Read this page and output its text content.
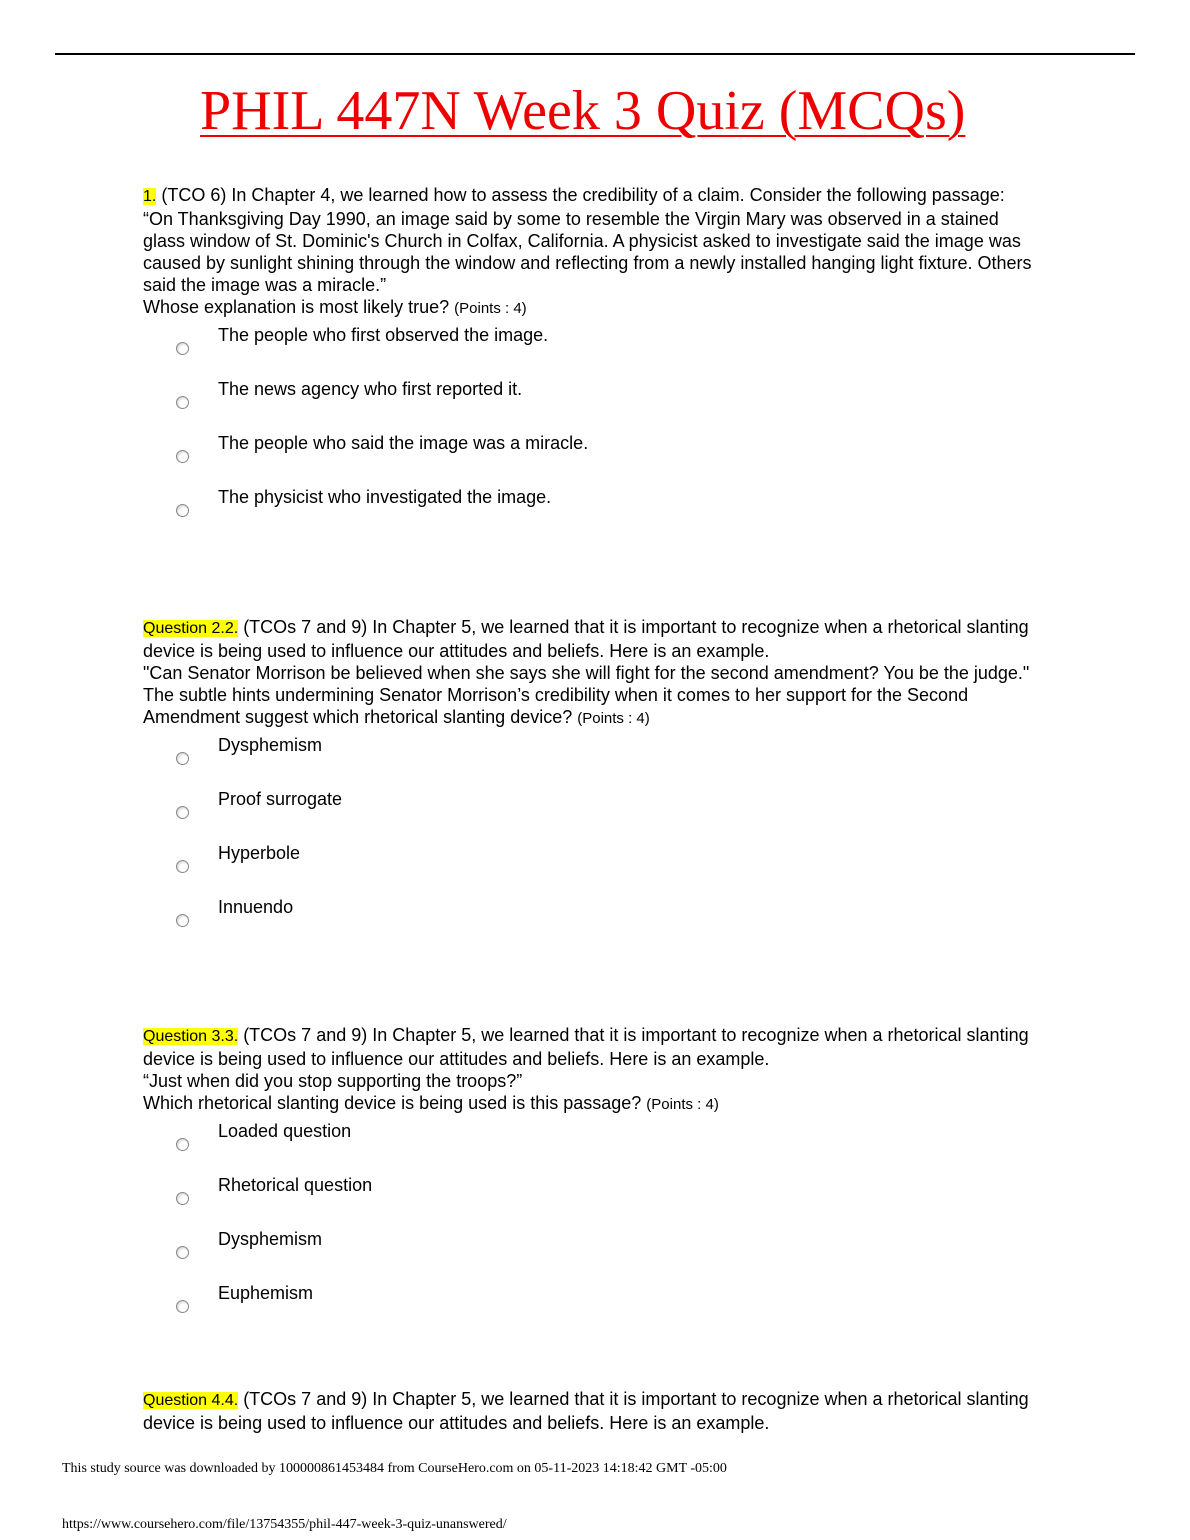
PHIL 447N Week 3 Quiz (MCQs)

1. (TCO 6) In Chapter 4, we learned how to assess the credibility of a claim. Consider the following passage:

“On Thanksgiving Day 1990, an image said by some to resemble the Virgin Mary was observed in a stained glass window of St. Dominic's Church in Colfax, California. A physicist asked to investigate said the image was caused by sunlight shining through the window and reflecting from a newly installed hanging light fixture. Others said the image was a miracle.”

Whose explanation is most likely true? (Points : 4)

The people who first observed the image.
The news agency who first reported it.
The people who said the image was a miracle.
The physicist who investigated the image.

Question 2.2. (TCOs 7 and 9) In Chapter 5, we learned that it is important to recognize when a rhetorical slanting device is being used to influence our attitudes and beliefs. Here is an example.

"Can Senator Morrison be believed when she says she will fight for the second amendment? You be the judge."

The subtle hints undermining Senator Morrison’s credibility when it comes to her support for the Second Amendment suggest which rhetorical slanting device? (Points : 4)

Dysphemism
Proof surrogate
Hyperbole
Innuendo

Question 3.3. (TCOs 7 and 9) In Chapter 5, we learned that it is important to recognize when a rhetorical slanting device is being used to influence our attitudes and beliefs. Here is an example.

“Just when did you stop supporting the troops?”

Which rhetorical slanting device is being used is this passage? (Points : 4)

Loaded question
Rhetorical question
Dysphemism
Euphemism

Question 4.4. (TCOs 7 and 9) In Chapter 5, we learned that it is important to recognize when a rhetorical slanting device is being used to influence our attitudes and beliefs. Here is an example.

This study source was downloaded by 100000861453484 from CourseHero.com on 05-11-2023 14:18:42 GMT -05:00
https://www.coursehero.com/file/13754355/phil-447-week-3-quiz-unanswered/
